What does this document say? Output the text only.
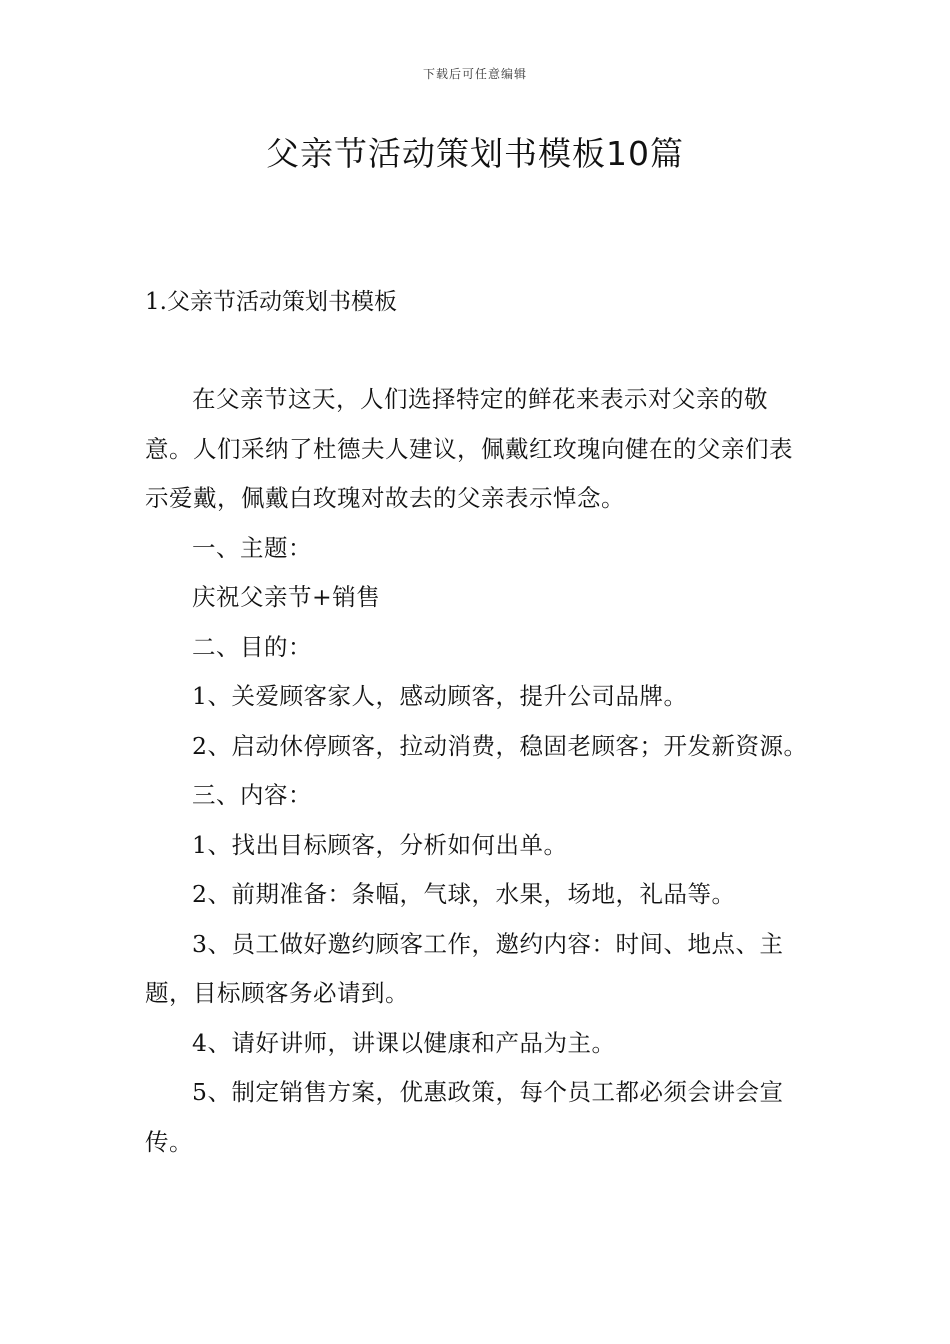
下载后可任意编辑
父亲节活动策划书模板10篇
1.父亲节活动策划书模板

在父亲节这天，人们选择特定的鲜花来表示对父亲的敬意。人们采纳了杜德夫人建议，佩戴红玫瑰向健在的父亲们表示爱戴，佩戴白玫瑰对故去的父亲表示悼念。

一、主题：

庆祝父亲节+销售

二、目的：

1、关爱顾客家人，感动顾客，提升公司品牌。

2、启动休停顾客，拉动消费，稳固老顾客；开发新资源。

三、内容：

1、找出目标顾客，分析如何出单。

2、前期准备：条幅，气球，水果，场地，礼品等。

3、员工做好邀约顾客工作，邀约内容：时间、地点、主题，目标顾客务必请到。

4、请好讲师，讲课以健康和产品为主。

5、制定销售方案，优惠政策，每个员工都必须会讲会宣传。
